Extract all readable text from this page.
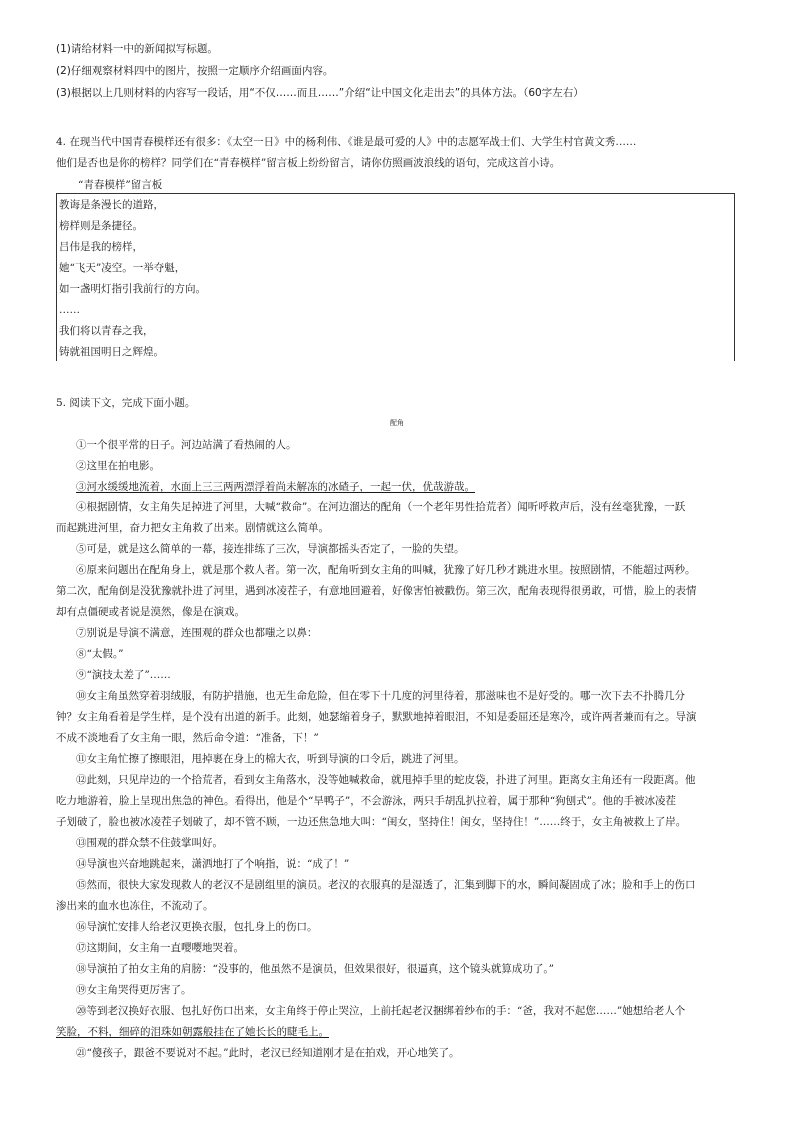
(1)请给材料一中的新闻拟写标题。
(2)仔细观察材料四中的图片，按照一定顺序介绍画面内容。
(3)根据以上几则材料的内容写一段话，用“不仅……而且……”介绍“让中国文化走出去”的具体方法。（60字左右）
4. 在现当代中国青春模样还有很多：《太空一日》中的杨利伟、《谁是最可爱的人》中的志愿军战士们、大学生村官黄文秀……
他们是否也是你的榜样？同学们在“青春模样”留言板上纷纷留言，请你仿照画波浪线的语句，完成这首小诗。
“青春模样”留言板
教诲是条漫长的道路，
榜样则是条捷径。
吕伟是我的榜样，
她“飞天”凌空。一举夺魁，
如一盏明灯指引我前行的方向。
……
我们将以青春之我，
铸就祖国明日之辉煌。
5. 阅读下文，完成下面小题。
配角
①一个很平常的日子。河边站满了看热闹的人。
②这里在拍电影。
③河水缓缓地流着，水面上三三两两漂浮着尚未解冻的冰碴子，一起一伏，优哉游哉。
④根据剧情，女主角失足掉进了河里，大喊“救命”。在河边溜达的配角（一个老年男性拾荒者）闻听呼救声后，没有丝毫犹豫，一跃
而起跳进河里，奋力把女主角救了出来。剧情就这么简单。
⑤可是，就是这么简单的一幕，接连排练了三次，导演都摇头否定了，一脸的失望。
⑥原来问题出在配角身上，就是那个救人者。第一次，配角听到女主角的叫喊，犹豫了好几秒才跳进水里。按照剧情，不能超过两秒。
第二次，配角倒是没犹豫就扑进了河里，遇到冰凌茬子，有意地回避着，好像害怕被戳伤。第三次，配角表现得很勇敢，可惜，脸上的表情
却有点僵硬或者说是漠然，像是在演戏。
⑦别说是导演不满意，连围观的群众也都嗤之以鼻：
⑧“太假。”
⑨“演技太差了”……
⑩女主角虽然穿着羽绒服，有防护措施，也无生命危险，但在零下十几度的河里待着，那滋味也不是好受的。哪一次下去不扑腾几分
钟？女主角看着是学生样，是个没有出道的新手。此刻，她瑟缩着身子，默默地掉着眼泪，不知是委屈还是寒冷，或许两者兼而有之。导演
不成不淡地看了女主角一眼，然后命令道：“准备，下！”
⑪女主角忙擦了擦眼泪，甩掉裹在身上的棉大衣，听到导演的口令后，跳进了河里。
⑫此刻，只见岸边的一个拾荒者，看到女主角落水，没等她喊救命，就甩掉手里的蛇皮袋，扑进了河里。距离女主角还有一段距离。他
吃力地游着，脸上呈现出焦急的神色。看得出，他是个“旱鸭子”，不会游泳，两只手胡乱扒拉着，属于那种“狗刨式”。他的手被冰凌茬
子划破了，脸也被冰凌茬子划破了，却不管不顾，一边还焦急地大叫：“闺女，坚持住！闺女，坚持住！”……终于，女主角被救上了岸。
⑬围观的群众禁不住鼓掌叫好。
⑭导演也兴奋地跳起来，潇洒地打了个响指，说：“成了！”
⑮然而，很快大家发现救人的老汉不是剧组里的演员。老汉的衣服真的是湿透了，汇集到脚下的水，瞬间凝固成了冰；脸和手上的伤口
渗出来的血水也冻住，不流动了。
⑯导演忙安排人给老汉更换衣服，包扎身上的伤口。
⑰这期间，女主角一直嘤嘤地哭着。
⑱导演拍了拍女主角的肩膀：“没事的，他虽然不是演员，但效果很好，很逼真，这个镜头就算成功了。”
⑲女主角哭得更厉害了。
⑳等到老汉换好衣服、包扎好伤口出来，女主角终于停止哭泣，上前托起老汉捆绑着纱布的手：“爸，我对不起您……”她想给老人个
笑脸，不料，细碎的泪珠如朝露般挂在了她长长的睫毛上。
㉑“傻孩子，跟爸不要说对不起。”此时，老汉已经知道刚才是在拍戏，开心地笑了。
